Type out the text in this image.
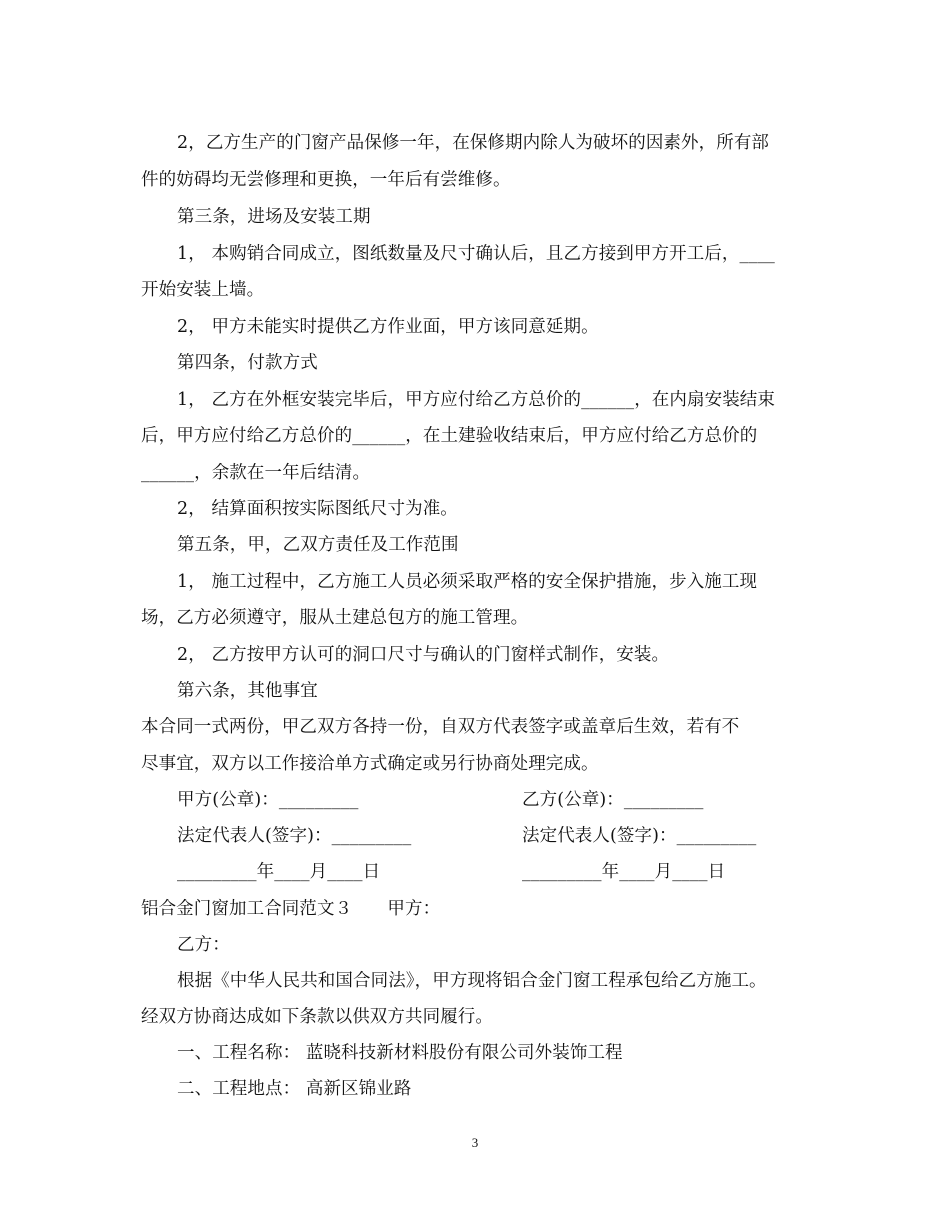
2，乙方生产的门窗产品保修一年，在保修期内除人为破坏的因素外，所有部
件的妨碍均无尝修理和更换，一年后有尝维修。
第三条，进场及安装工期
1， 本购销合同成立，图纸数量及尺寸确认后，且乙方接到甲方开工后，____
开始安装上墙。
2， 甲方未能实时提供乙方作业面，甲方该同意延期。
第四条，付款方式
1， 乙方在外框安装完毕后，甲方应付给乙方总价的______，在内扇安装结束
后，甲方应付给乙方总价的______，在土建验收结束后，甲方应付给乙方总价的
______，余款在一年后结清。
2， 结算面积按实际图纸尺寸为准。
第五条，甲，乙双方责任及工作范围
1， 施工过程中，乙方施工人员必须采取严格的安全保护措施，步入施工现
场，乙方必须遵守，服从土建总包方的施工管理。
2， 乙方按甲方认可的洞口尺寸与确认的门窗样式制作，安装。
第六条，其他事宜
本合同一式两份，甲乙双方各持一份，自双方代表签字或盖章后生效，若有不
尽事宜，双方以工作接洽单方式确定或另行协商处理完成。
甲方(公章)：_________	乙方(公章)：_________
法定代表人(签字)：_________	法定代表人(签字)：_________
_________年____月____日	_________年____月____日
铝合金门窗加工合同范文３　　甲方：
乙方：
根据《中华人民共和国合同法》，甲方现将铝合金门窗工程承包给乙方施工。
经双方协商达成如下条款以供双方共同履行。
一、工程名称： 蓝晓科技新材料股份有限公司外装饰工程
二、工程地点： 高新区锦业路
3
